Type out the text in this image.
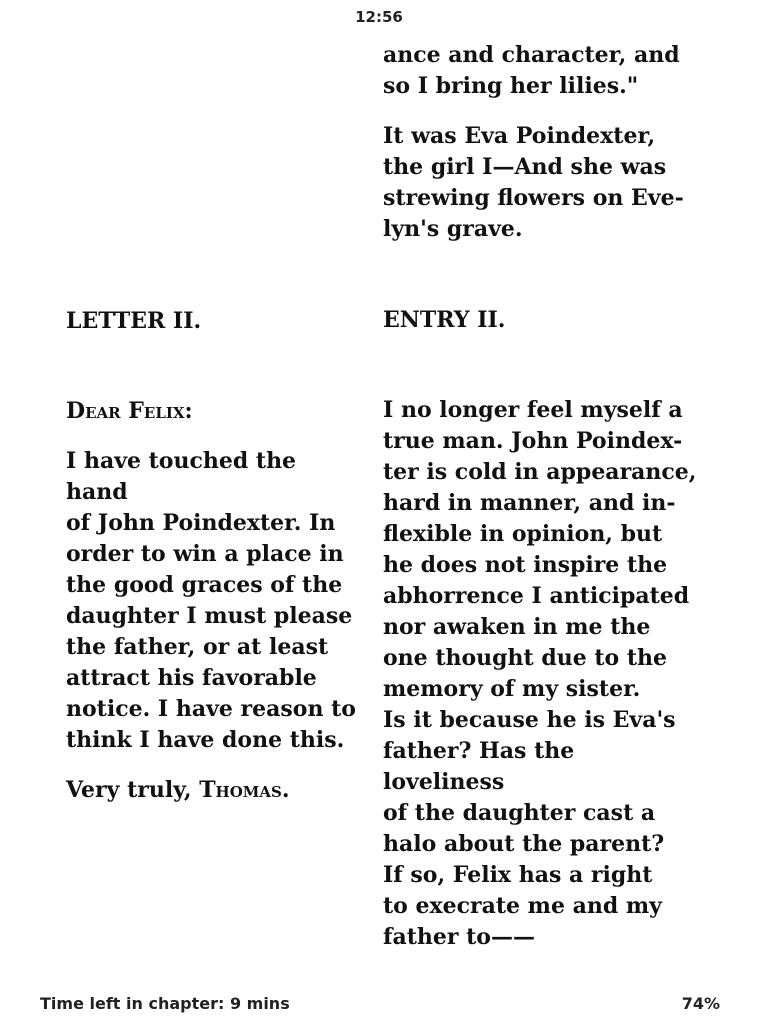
12:56

ance and character, and
so I bring her lilies."

It was Eva Poindexter,
the girl I—And she was
strewing flowers on Eve-
lyn's grave.

ENTRY II.

I no longer feel myself a
true man. John Poindex-
ter is cold in appearance,
hard in manner, and in-
flexible in opinion, but
he does not inspire the
abhorrence I anticipated
nor awaken in me the
one thought due to the
memory of my sister.
Is it because he is Eva's
father? Has the loveliness
of the daughter cast a
halo about the parent?
If so, Felix has a right
to execrate me and my
father to——

LETTER II.

Dear Felix:

I have touched the hand
of John Poindexter. In
order to win a place in
the good graces of the
daughter I must please
the father, or at least
attract his favorable
notice. I have reason to
think I have done this.

Very truly, Thomas.

Time left in chapter: 9 mins	74%
